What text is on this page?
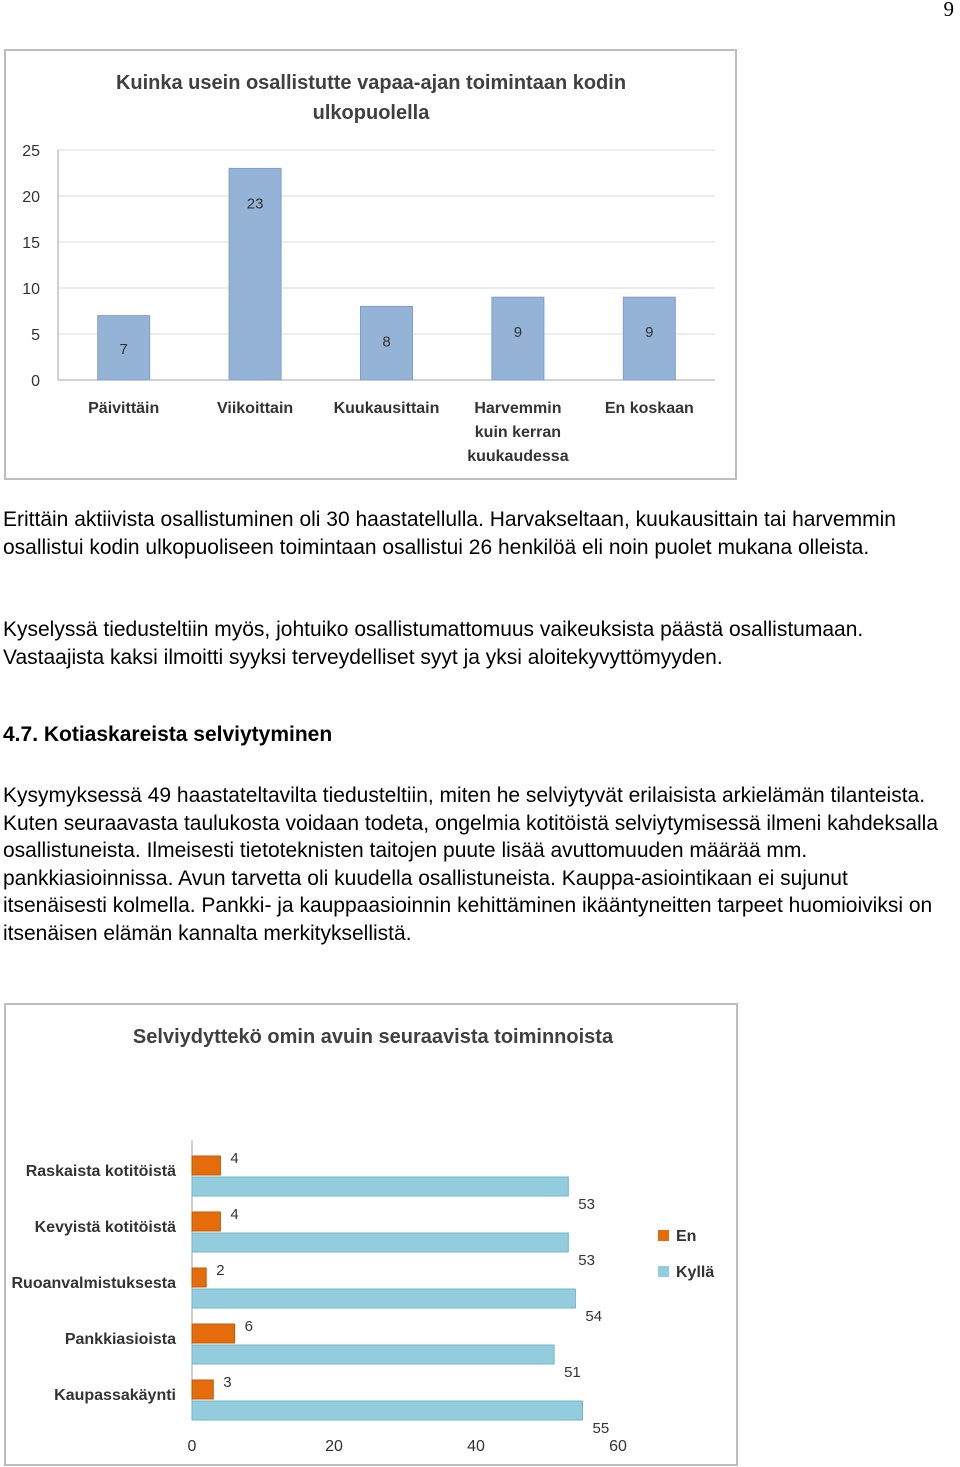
9
Kuinka usein osallistutte vapaa-ajan toimintaan kodin
ulkopuolella
0
5
10
15
20
25
7
Päivittäin
23
Viikoittain
8
Kuukausittain
9
Harvemmin
kuin kerran
kuukaudessa
9
En koskaan

Erittäin aktiivista osallistuminen oli 30 haastatellulla. Harvakseltaan, kuukausittain tai harvemmin osallistui kodin ulkopuoliseen toimintaan osallistui 26 henkilöä eli noin puolet mukana olleista.

Kyselyssä tiedusteltiin myös, johtuiko osallistumattomuus vaikeuksista päästä osallistumaan. Vastaajista kaksi ilmoitti syyksi terveydelliset syyt ja yksi aloitekyvyttömyyden.

4.7. Kotiaskareista selviytyminen

Kysymyksessä 49 haastateltavilta tiedusteltiin, miten he selviytyvät erilaisista arkielämän tilanteista. Kuten seuraavasta taulukosta voidaan todeta, ongelmia kotitöistä selviytymisessä ilmeni kahdeksalla osallistuneista. Ilmeisesti tietoteknisten taitojen puute lisää avuttomuuden määrää mm. pankkiasioinnissa. Avun tarvetta oli kuudella osallistuneista. Kauppa-asiointikaan ei sujunut itsenäisesti kolmella. Pankki- ja kauppaasioinnin kehittäminen ikääntyneitten tarpeet huomioiviksi on itsenäisen elämän kannalta merkityksellistä.

Selviydyttekö omin avuin seuraavista toiminnoista
0	20	40	60
Raskaista kotitöistä
4
53
Kevyistä kotitöistä
4
53
Ruoanvalmistuksesta
2
54
Pankkiasioista
6
51
Kaupassakäynti
3
55
En
Kyllä
